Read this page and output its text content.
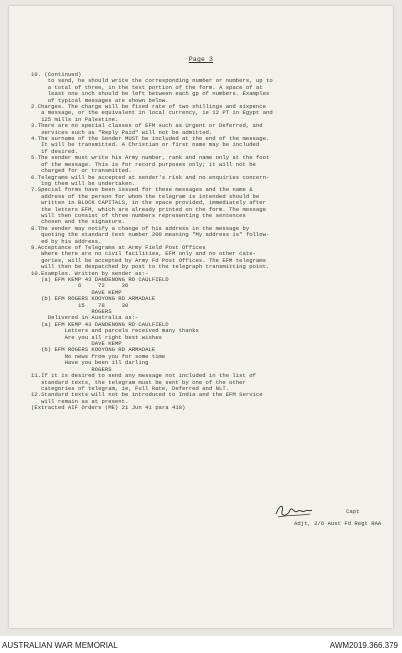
Page 3
10. (Continued)
to send, he should write the corresponding number or numbers, up to
a total of three, in the text portion of the form. A space of at
least one inch should be left between each gp of numbers. Examples
of typical messages are shown below.
2.Charges. The charge will be fixed rate of two shillings and sixpence
a message, or the equivalent in local currency, ie 12 PT in Egypt and
125 mills in Palestine.
3.There are no special classes of EFM such as Urgent or Deferred, and
services such as "Reply Paid" will not be admitted.
4.The surname of the Sender MUST be included at the end of the message.
It will be transmitted. A Christian or first name may be included
if desired.
5.The sender must write his Army number, rank and name only at the foot
of the message. This is for record purposes only; it will not be
charged for or transmitted.
6.Telegrams will be accepted at sender's risk and no enquiries concern-
ing them will be undertaken.
7.Special forms have been issued for these messages and the name &
address of the person for whom the telegram is intended should be
written in BLOCK CAPITALS, in the space provided, immediately after
the letters EFM, which are already printed on the form. The message
will then consist of three numbers representing the sentences
chosen and the signature.
8.The sender may notify a change of his address in the message by
quoting the standard text number 200 meaning "My address is" follow-
ed by his address.
9.Acceptance of Telegrams at Army Field Post Offices
Where there are no civil facilities, EFM only and no other cate-
gories, will be accepted by Army Fd Post Offices. The EFM telegrams
will then be despatched by post to the telegraph transmitting point.
10.Examples. Written by sender as:-
(a) EFM KEMP 43 DANDENONG RD CAULFIELD
6     72     36
DAVE KEMP
(b) EFM ROGERS KOOYONG RD ARMADALE
15    78     30
ROGERS
Delivered in Australia as:-
(a) EFM KEMP 43 DANDENONG RD CAULFIELD
Letters and parcels received many thanks
Are you all right best wishes
DAVE KEMP
(b) EFM ROGERS KOOYONG RD ARMADALE
No news from you for some time
Have you been ill darling
ROGERS
11.If it is desired to send any message not included in the list of
standard texts, the telegram must be sent by one of the other
categories of telegram, ie, Full Rate, Deferred and NLT.
12.Standard texts will not be introduced to India and the EFM Service
will remain as at present.
(Extracted AIF Orders (ME) 21 Jun 41 para 418)
Capt
Adjt, 2/6 Aust Fd Regt RAA
AUSTRALIAN WAR MEMORIAL	AWM2019.366.379
